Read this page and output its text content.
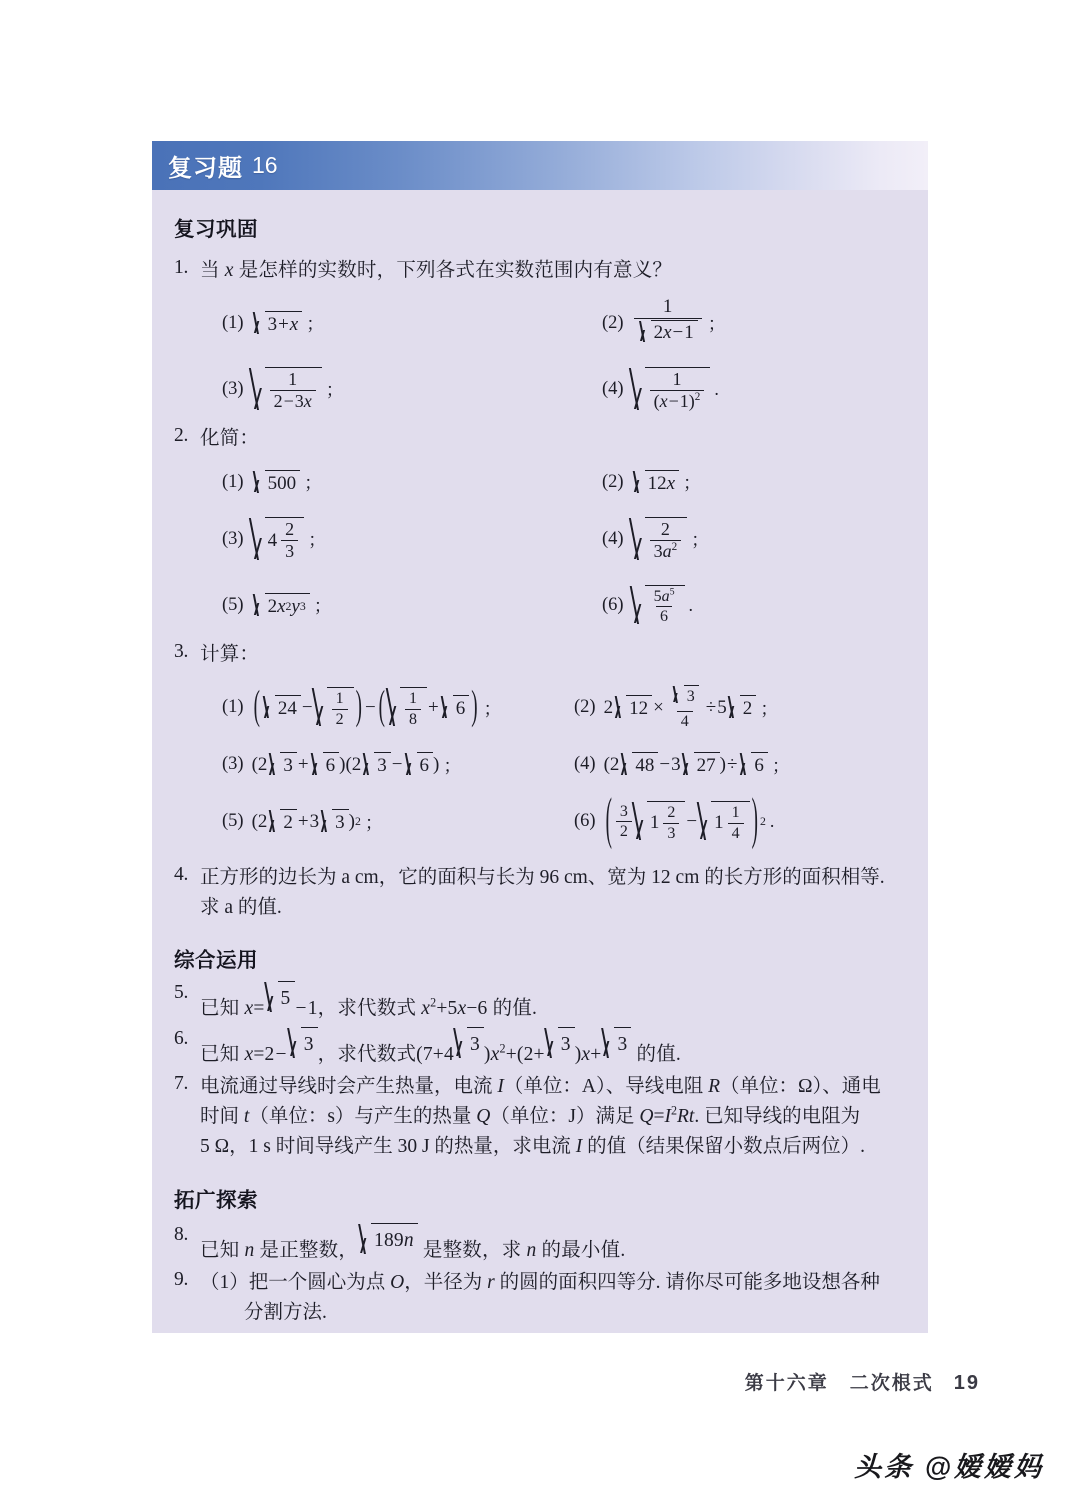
R
复习题 16
复习巩固
1. 当 x 是怎样的实数时，下列各式在实数范围内有意义？
(1) 3 + x ；	$(2) \frac{1}{2 x - 1}$ ；
$(3) \frac{1}{2-3x}$ ；	$(4) \frac{1}{(x-1)^2}$ .
2. 化简：
(1) 500 ；	(2) 12 x ；
(3) $4 \frac{2}{3}$ ；	$(4) \frac{2}{3a^2}$ ；
(5) 2 x 2 y 3 ；	$(6) \frac{5a^5}{6}$ .
3. 计算：
(1) ( $24 - \frac{1}{2}$ ) − ( $\frac{1}{8} + 6$ ) ；	(2) 2 $12 \times \frac{3}{4} \div 5$ 2 ；
(3) ( 2 3 + 6 )( 2 3 − 6 ) ；	(4) ( 2 48 − 3 27 ) ÷ 6 ；
(5) ( 2 2 + 3 3 ) 2 ；	(6) ( $\frac{3}{2} 1 \frac{2}{3} - 1 \frac{1}{4}$ ) 2 .
4. 正方形的边长为 a cm，它的面积与长为 96 cm、宽为 12 cm 的长方形的面积相等.
求 a 的值.
综合运用
5.
已知 x= 5 −1，求代数式 $x^2+5x-6$ 的值.
6.
已知 x=2− 3 ，求代数式(7+4 3 )$x^2+(2+ 3$ )x+ 3 的值.
7. 电流通过导线时会产生热量，电流 I（单位：A）、导线电阻 R（单位：Ω）、通电
时间 t（单位：s）与产生的热量 Q（单位：J）满足 $Q=I^2Rt$. 已知导线的电阻为
5 Ω，1 s 时间导线产生 30 J 的热量，求电流 I 的值（结果保留小数点后两位）.
拓广探索
8.
已知 n 是正整数， 189 n 是整数，求 n 的最小值.
9. （1）把一个圆心为点 O，半径为 r 的圆的面积四等分. 请你尽可能多地设想各种
分割方法.
第十六章　二次根式 19
头条 @嫒嫒妈
